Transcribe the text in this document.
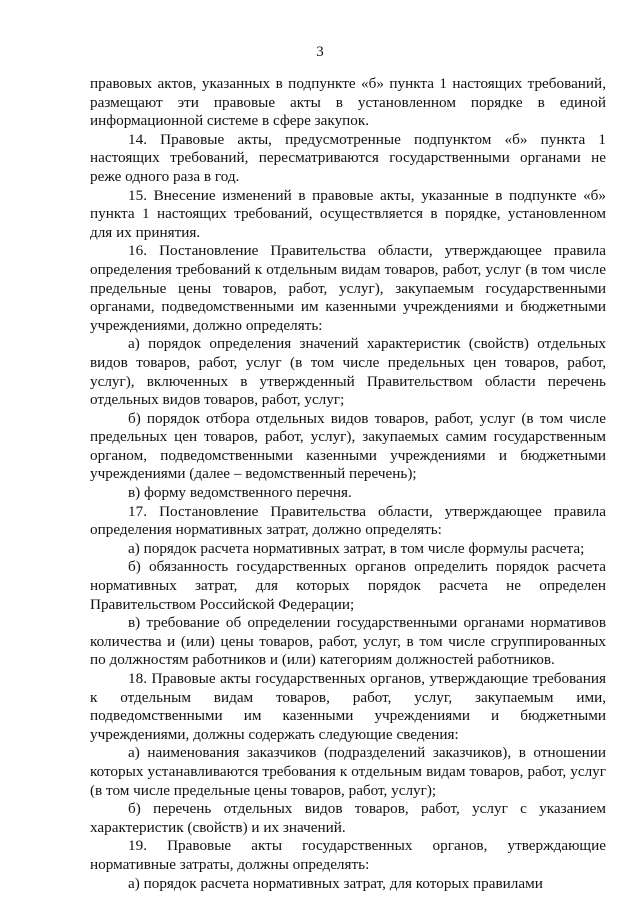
3

правовых актов, указанных в подпункте «б» пункта 1 настоящих требований, размещают эти правовые акты в установленном порядке в единой информационной системе в сфере закупок.

14. Правовые акты, предусмотренные подпунктом «б» пункта 1 настоящих требований, пересматриваются государственными органами не реже одного раза в год.

15. Внесение изменений в правовые акты, указанные в подпункте «б» пункта 1 настоящих требований, осуществляется в порядке, установленном для их принятия.

16. Постановление Правительства области, утверждающее правила определения требований к отдельным видам товаров, работ, услуг (в том числе предельные цены товаров, работ, услуг), закупаемым государственными органами, подведомственными им казенными учреждениями и бюджетными учреждениями, должно определять:

а) порядок определения значений характеристик (свойств) отдельных видов товаров, работ, услуг (в том числе предельных цен товаров, работ, услуг), включенных в утвержденный Правительством области перечень отдельных видов товаров, работ, услуг;

б) порядок отбора отдельных видов товаров, работ, услуг (в том числе предельных цен товаров, работ, услуг), закупаемых самим государственным органом, подведомственными казенными учреждениями и бюджетными учреждениями (далее – ведомственный перечень);

в) форму ведомственного перечня.

17. Постановление Правительства области, утверждающее правила определения нормативных затрат, должно определять:

а) порядок расчета нормативных затрат, в том числе формулы расчета;

б) обязанность государственных органов определить порядок расчета нормативных затрат, для которых порядок расчета не определен Правительством Российской Федерации;

в) требование об определении государственными органами нормативов количества и (или) цены товаров, работ, услуг, в том числе сгруппированных по должностям работников и (или) категориям должностей работников.

18. Правовые акты государственных органов, утверждающие требования к отдельным видам товаров, работ, услуг, закупаемым ими, подведомственными им казенными учреждениями и бюджетными учреждениями, должны содержать следующие сведения:

а) наименования заказчиков (подразделений заказчиков), в отношении которых устанавливаются требования к отдельным видам товаров, работ, услуг (в том числе предельные цены товаров, работ, услуг);

б) перечень отдельных видов товаров, работ, услуг с указанием характеристик (свойств) и их значений.

19. Правовые акты государственных органов, утверждающие нормативные затраты, должны определять:

а) порядок расчета нормативных затрат, для которых правилами
